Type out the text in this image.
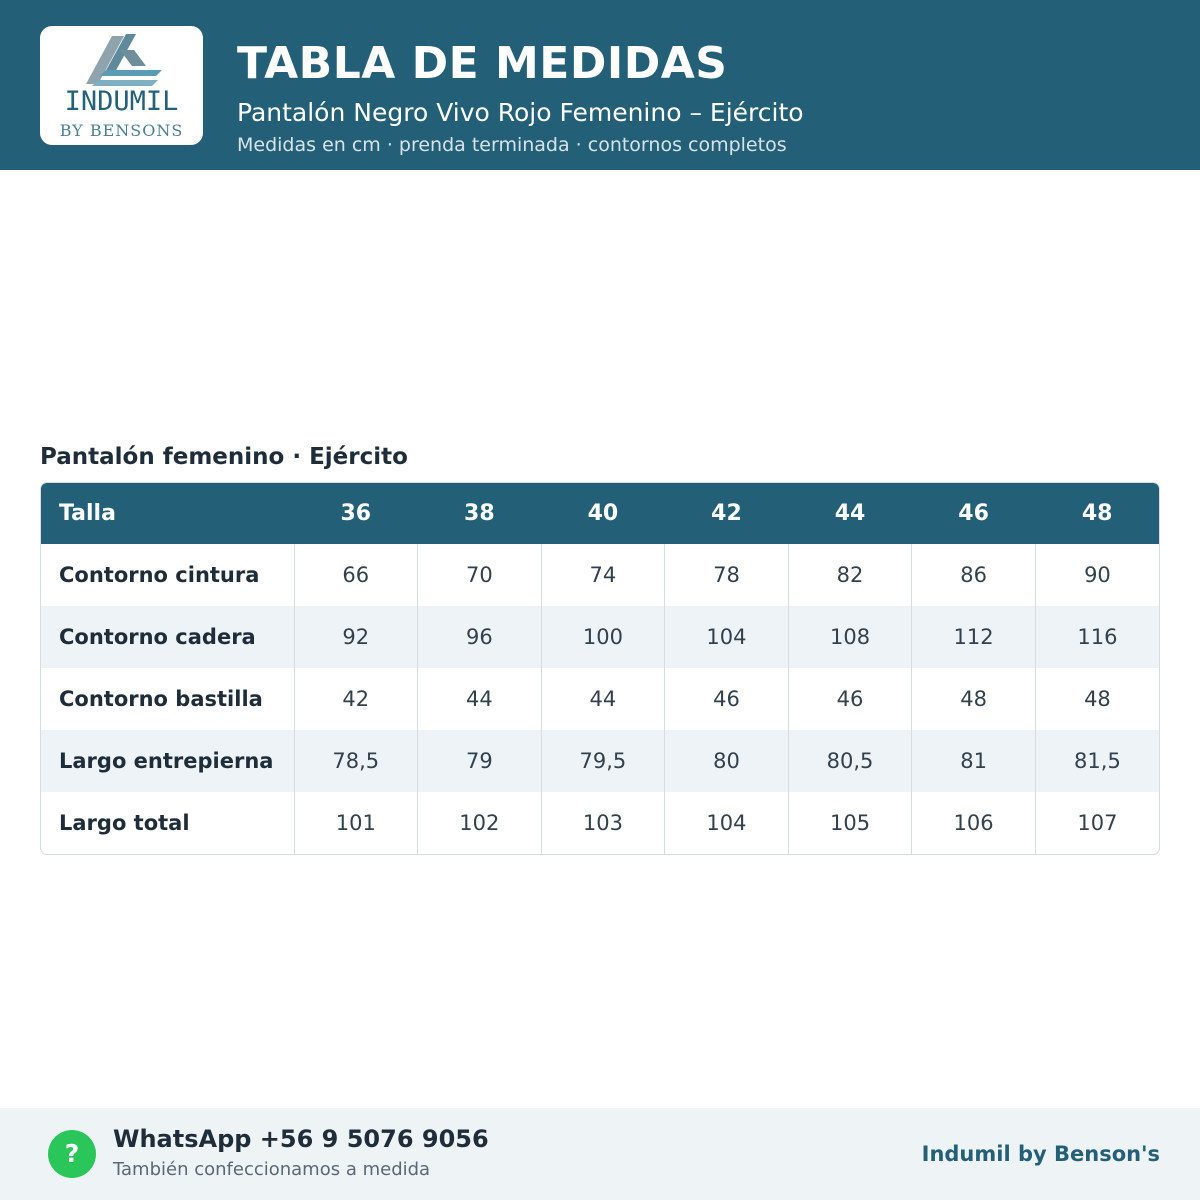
INDUMIL
BY BENSONS
TABLA DE MEDIDAS
Pantalón Negro Vivo Rojo Femenino – Ejército
Medidas en cm · prenda terminada · contornos completos
Pantalón femenino · Ejército
Talla	36	38	40	42	44	46	48
Contorno cintura	66	70	74	78	82	86	90
Contorno cadera	92	96	100	104	108	112	116
Contorno bastilla	42	44	44	46	46	48	48
Largo entrepierna	78,5	79	79,5	80	80,5	81	81,5
Largo total	101	102	103	104	105	106	107
?	WhatsApp +56 9 5076 9056
También confeccionamos a medida
Indumil by Benson's
